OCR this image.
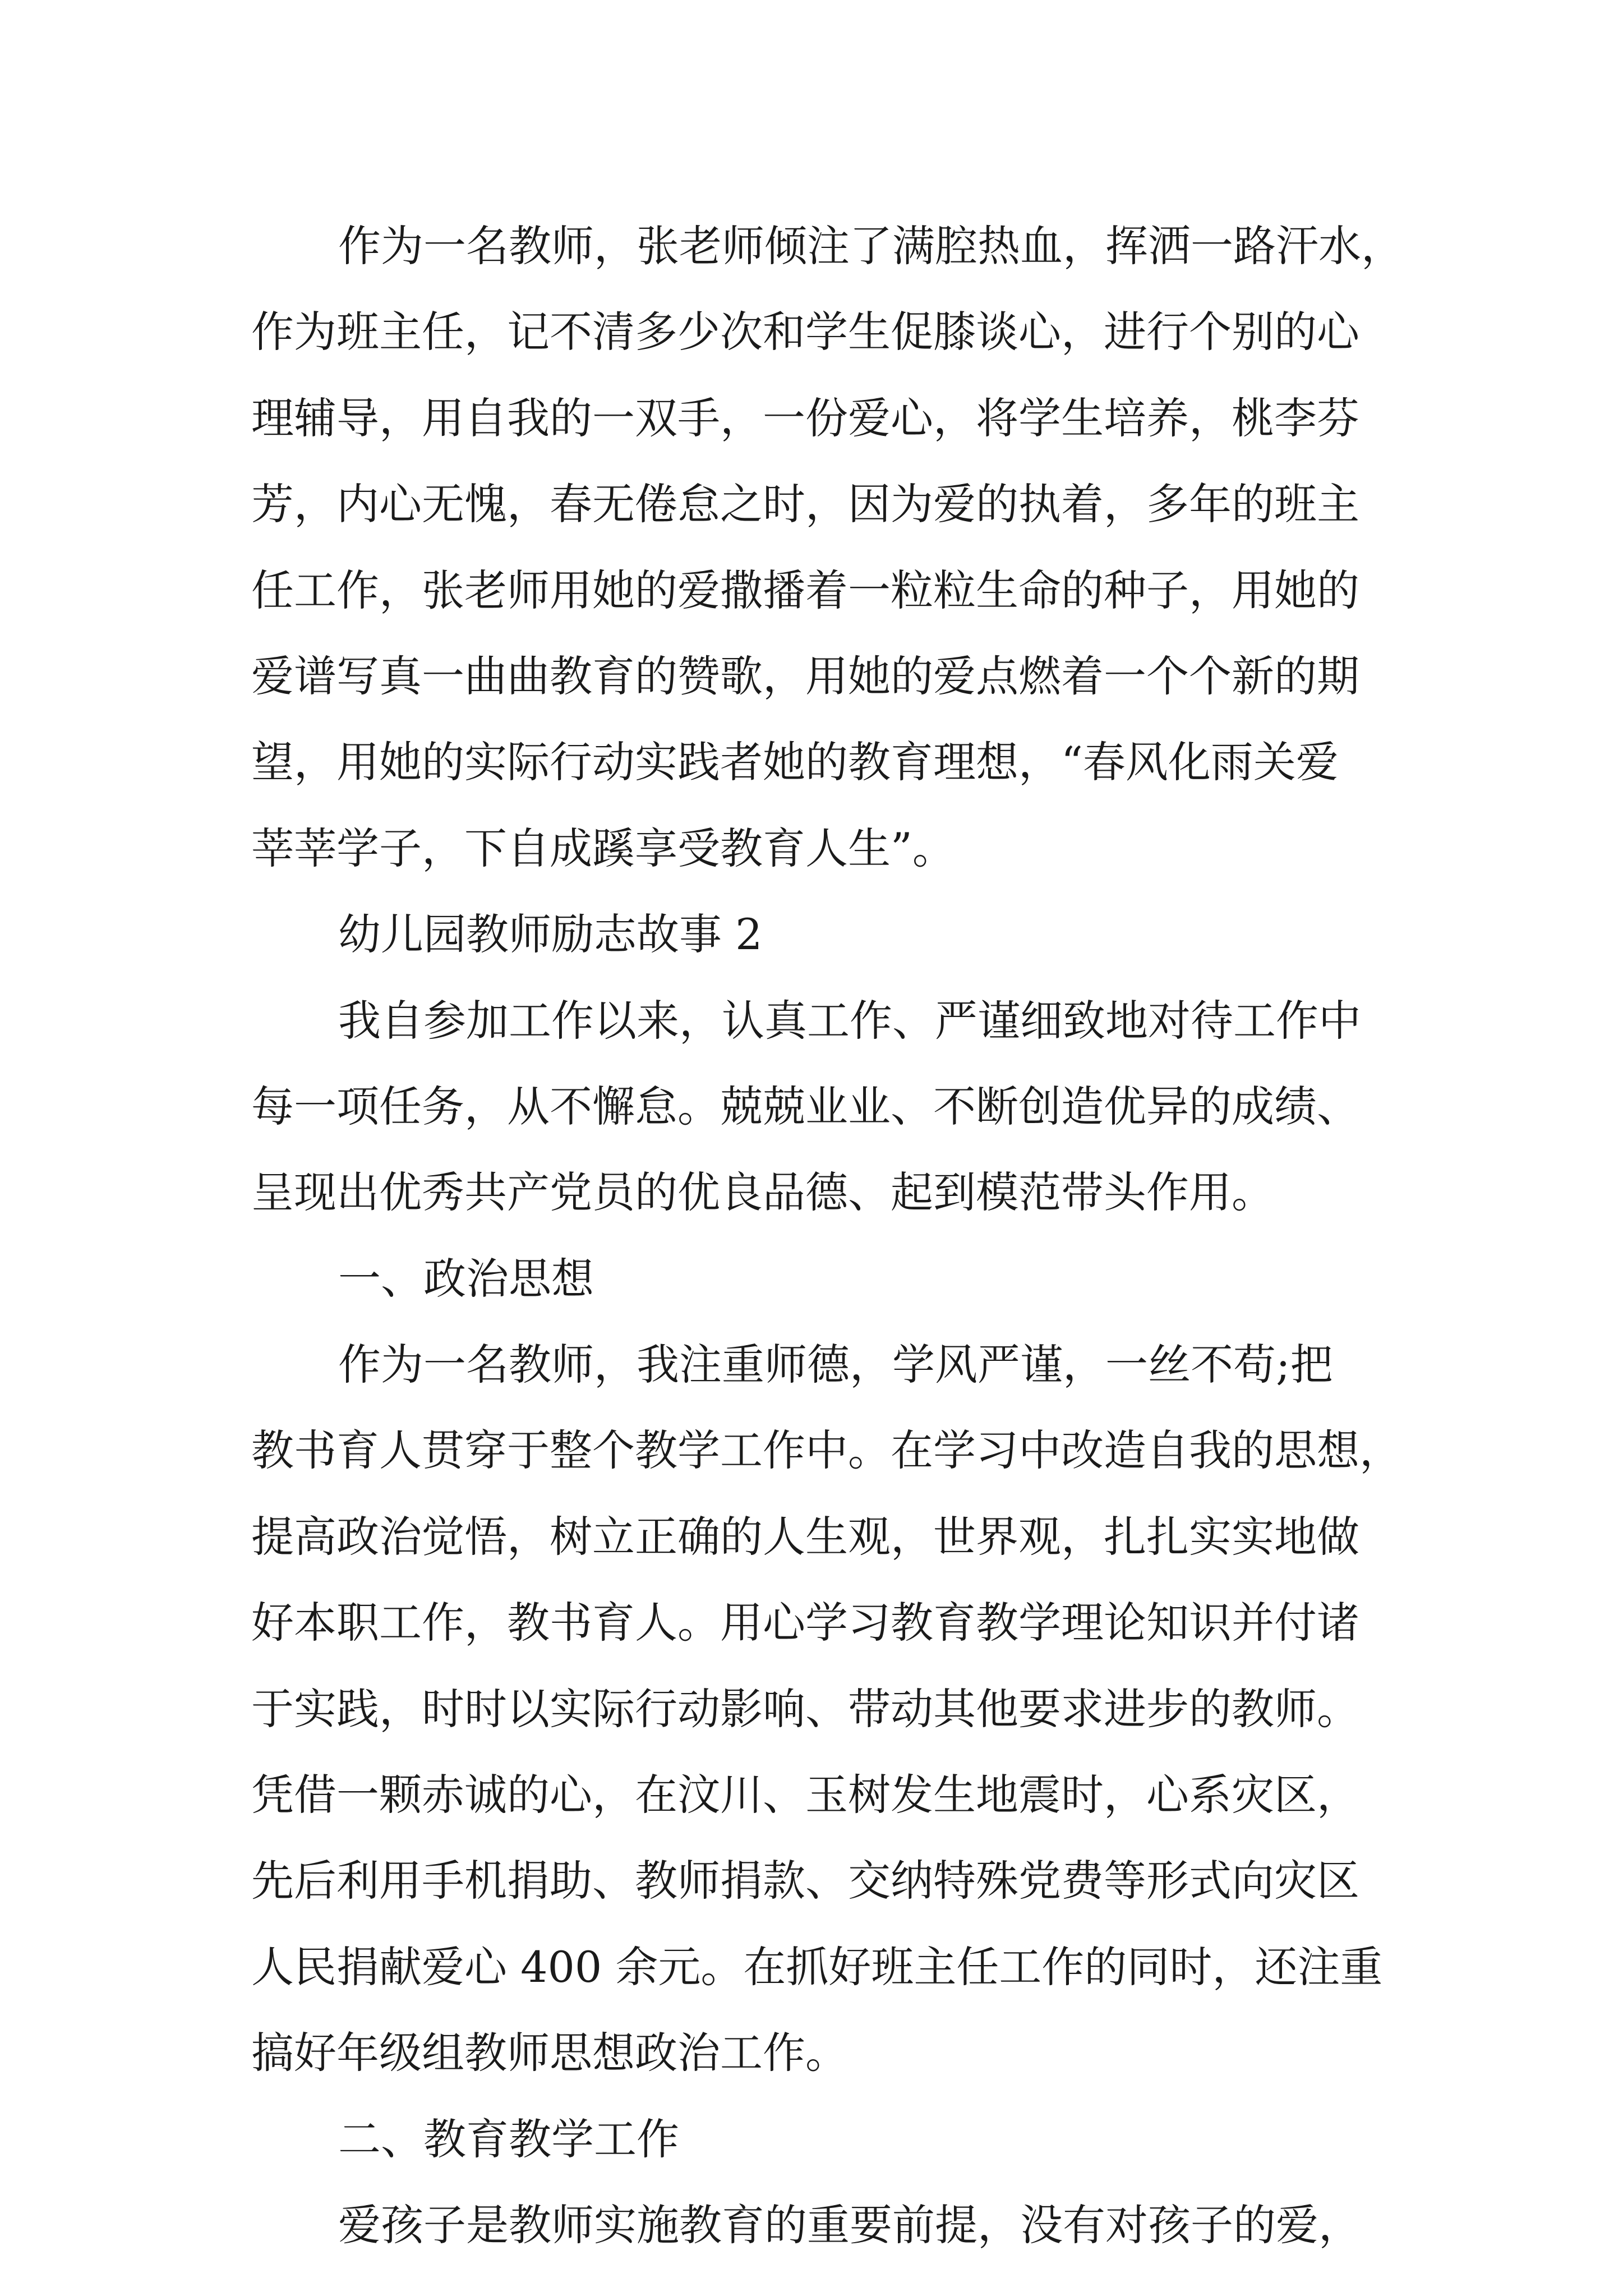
作为一名教师，张老师倾注了满腔热血，挥洒一路汗水，
作为班主任，记不清多少次和学生促膝谈心，进行个别的心
理辅导，用自我的一双手，一份爱心，将学生培养，桃李芬
芳，内心无愧，春无倦怠之时，因为爱的执着，多年的班主
任工作，张老师用她的爱撒播着一粒粒生命的种子，用她的
爱谱写真一曲曲教育的赞歌，用她的爱点燃着一个个新的期
望，用她的实际行动实践者她的教育理想，“春风化雨关爱
莘莘学子，下自成蹊享受教育人生”。
幼儿园教师励志故事 2
我自参加工作以来，认真工作、严谨细致地对待工作中
每一项任务，从不懈怠。兢兢业业、不断创造优异的成绩、
呈现出优秀共产党员的优良品德、起到模范带头作用。
一、政治思想
作为一名教师，我注重师德，学风严谨，一丝不苟;把
教书育人贯穿于整个教学工作中。在学习中改造自我的思想，
提高政治觉悟，树立正确的人生观，世界观，扎扎实实地做
好本职工作，教书育人。用心学习教育教学理论知识并付诸
于实践，时时以实际行动影响、带动其他要求进步的教师。
凭借一颗赤诚的心，在汶川、玉树发生地震时，心系灾区，
先后利用手机捐助、教师捐款、交纳特殊党费等形式向灾区
人民捐献爱心 400 余元。在抓好班主任工作的同时，还注重
搞好年级组教师思想政治工作。
二、教育教学工作
爱孩子是教师实施教育的重要前提，没有对孩子的爱，
